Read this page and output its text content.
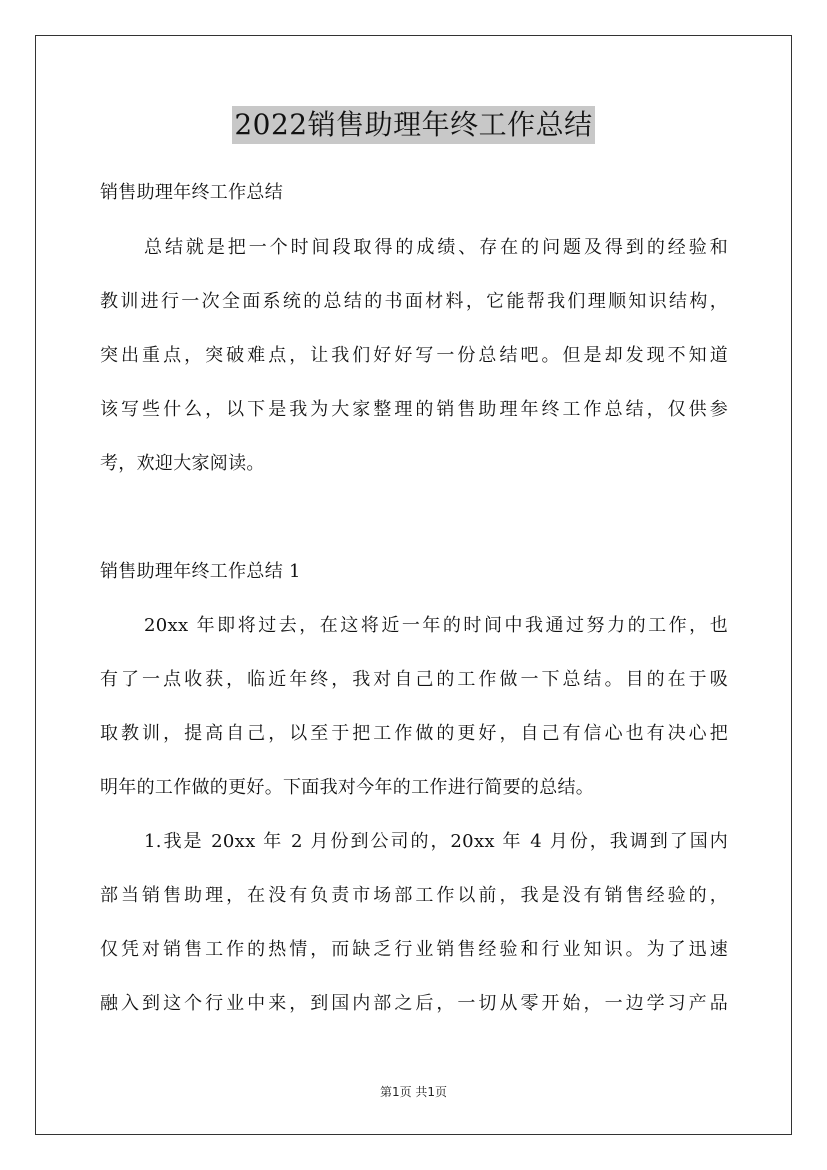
2022销售助理年终工作总结
销售助理年终工作总结
总结就是把一个时间段取得的成绩、存在的问题及得到的经验和
教训进行一次全面系统的总结的书面材料，它能帮我们理顺知识结构，
突出重点，突破难点，让我们好好写一份总结吧。但是却发现不知道
该写些什么，以下是我为大家整理的销售助理年终工作总结，仅供参
考，欢迎大家阅读。
销售助理年终工作总结 1
20xx 年即将过去，在这将近一年的时间中我通过努力的工作，也
有了一点收获，临近年终，我对自己的工作做一下总结。目的在于吸
取教训，提高自己，以至于把工作做的更好，自己有信心也有决心把
明年的工作做的更好。下面我对今年的工作进行简要的总结。
1.我是 20xx 年 2 月份到公司的，20xx 年 4 月份，我调到了国内
部当销售助理，在没有负责市场部工作以前，我是没有销售经验的，
仅凭对销售工作的热情，而缺乏行业销售经验和行业知识。为了迅速
融入到这个行业中来，到国内部之后，一切从零开始，一边学习产品
第1页 共1页
